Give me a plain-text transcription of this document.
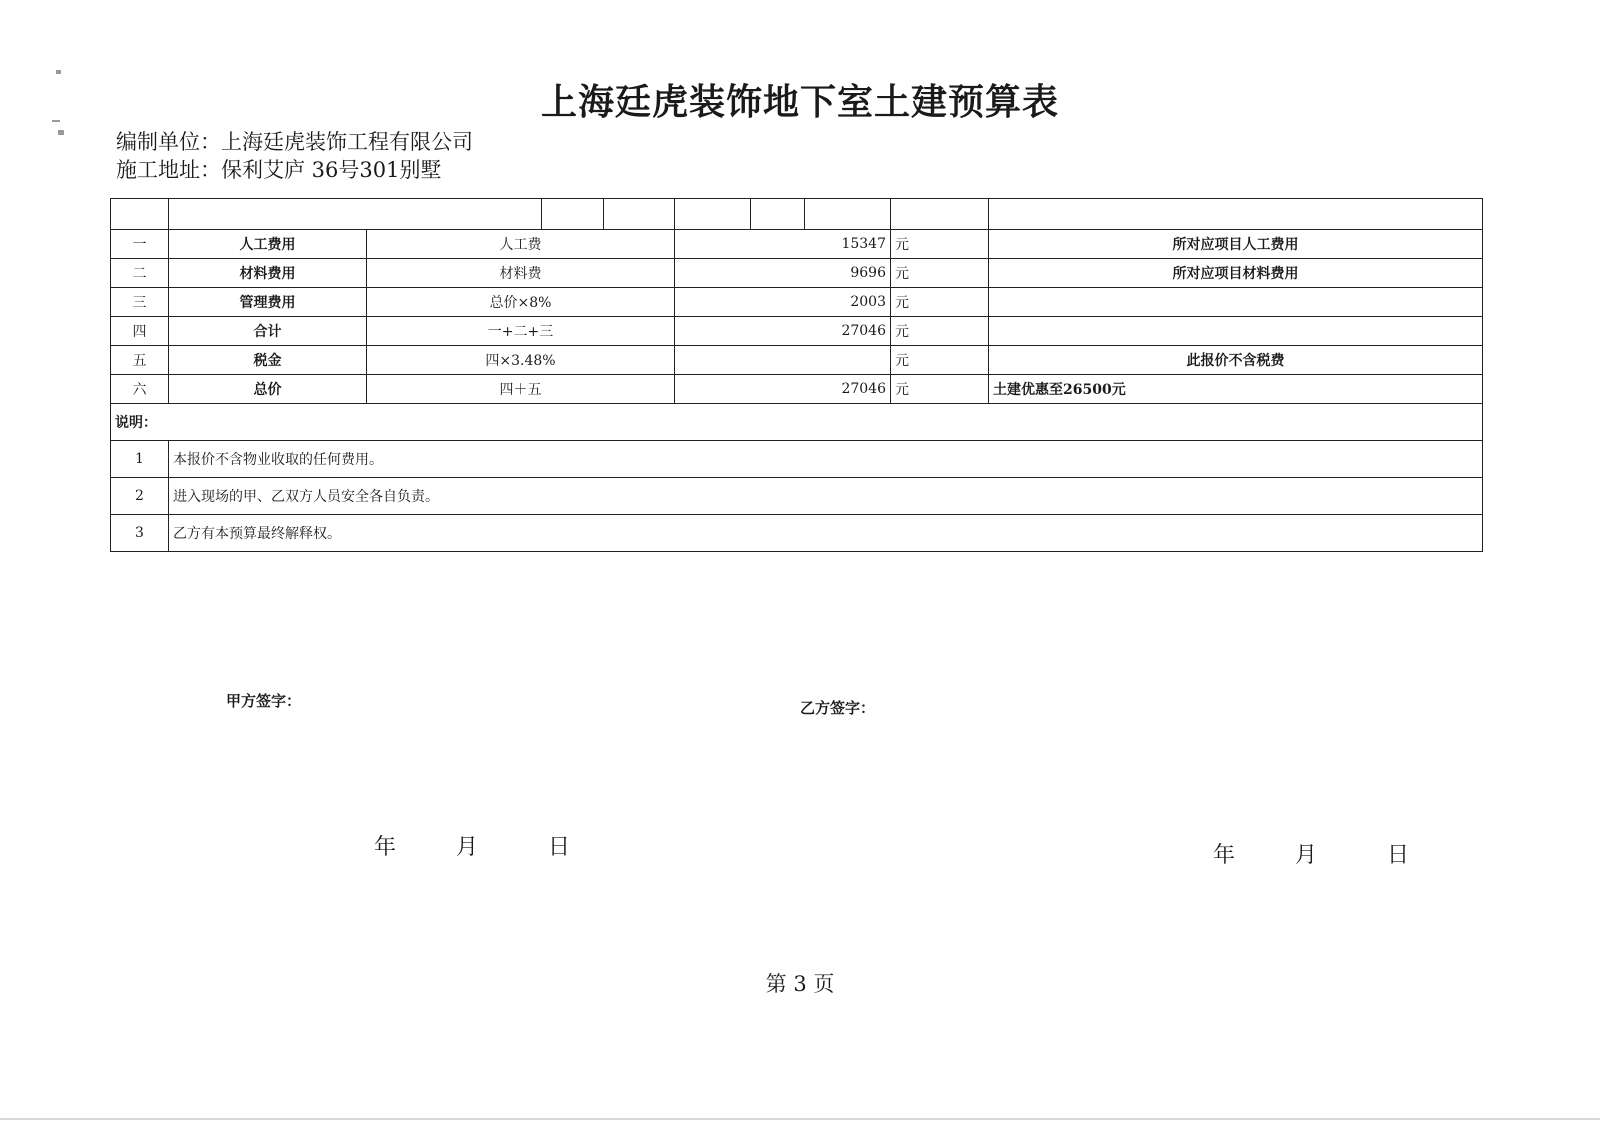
上海廷虎装饰地下室土建预算表
编制单位：上海廷虎装饰工程有限公司
施工地址：保利艾庐 36号301别墅

一	人工费用	人工费	15347	元	所对应项目人工费用
二	材料费用	材料费	9696	元	所对应项目材料费用
三	管理费用	总价×8%	2003	元	
四	合计	一+二+三	27046	元	
五	税金	四×3.48%		元	此报价不含税费
六	总价	四＋五	27046	元	土建优惠至26500元
说明：					
1	本报价不含物业收取的任何费用。				
2	进入现场的甲、乙双方人员安全各自负责。				
3	乙方有本预算最终解释权。				
甲方签字：	乙方签字：
年	月	日	年	月	日
第 3 页
